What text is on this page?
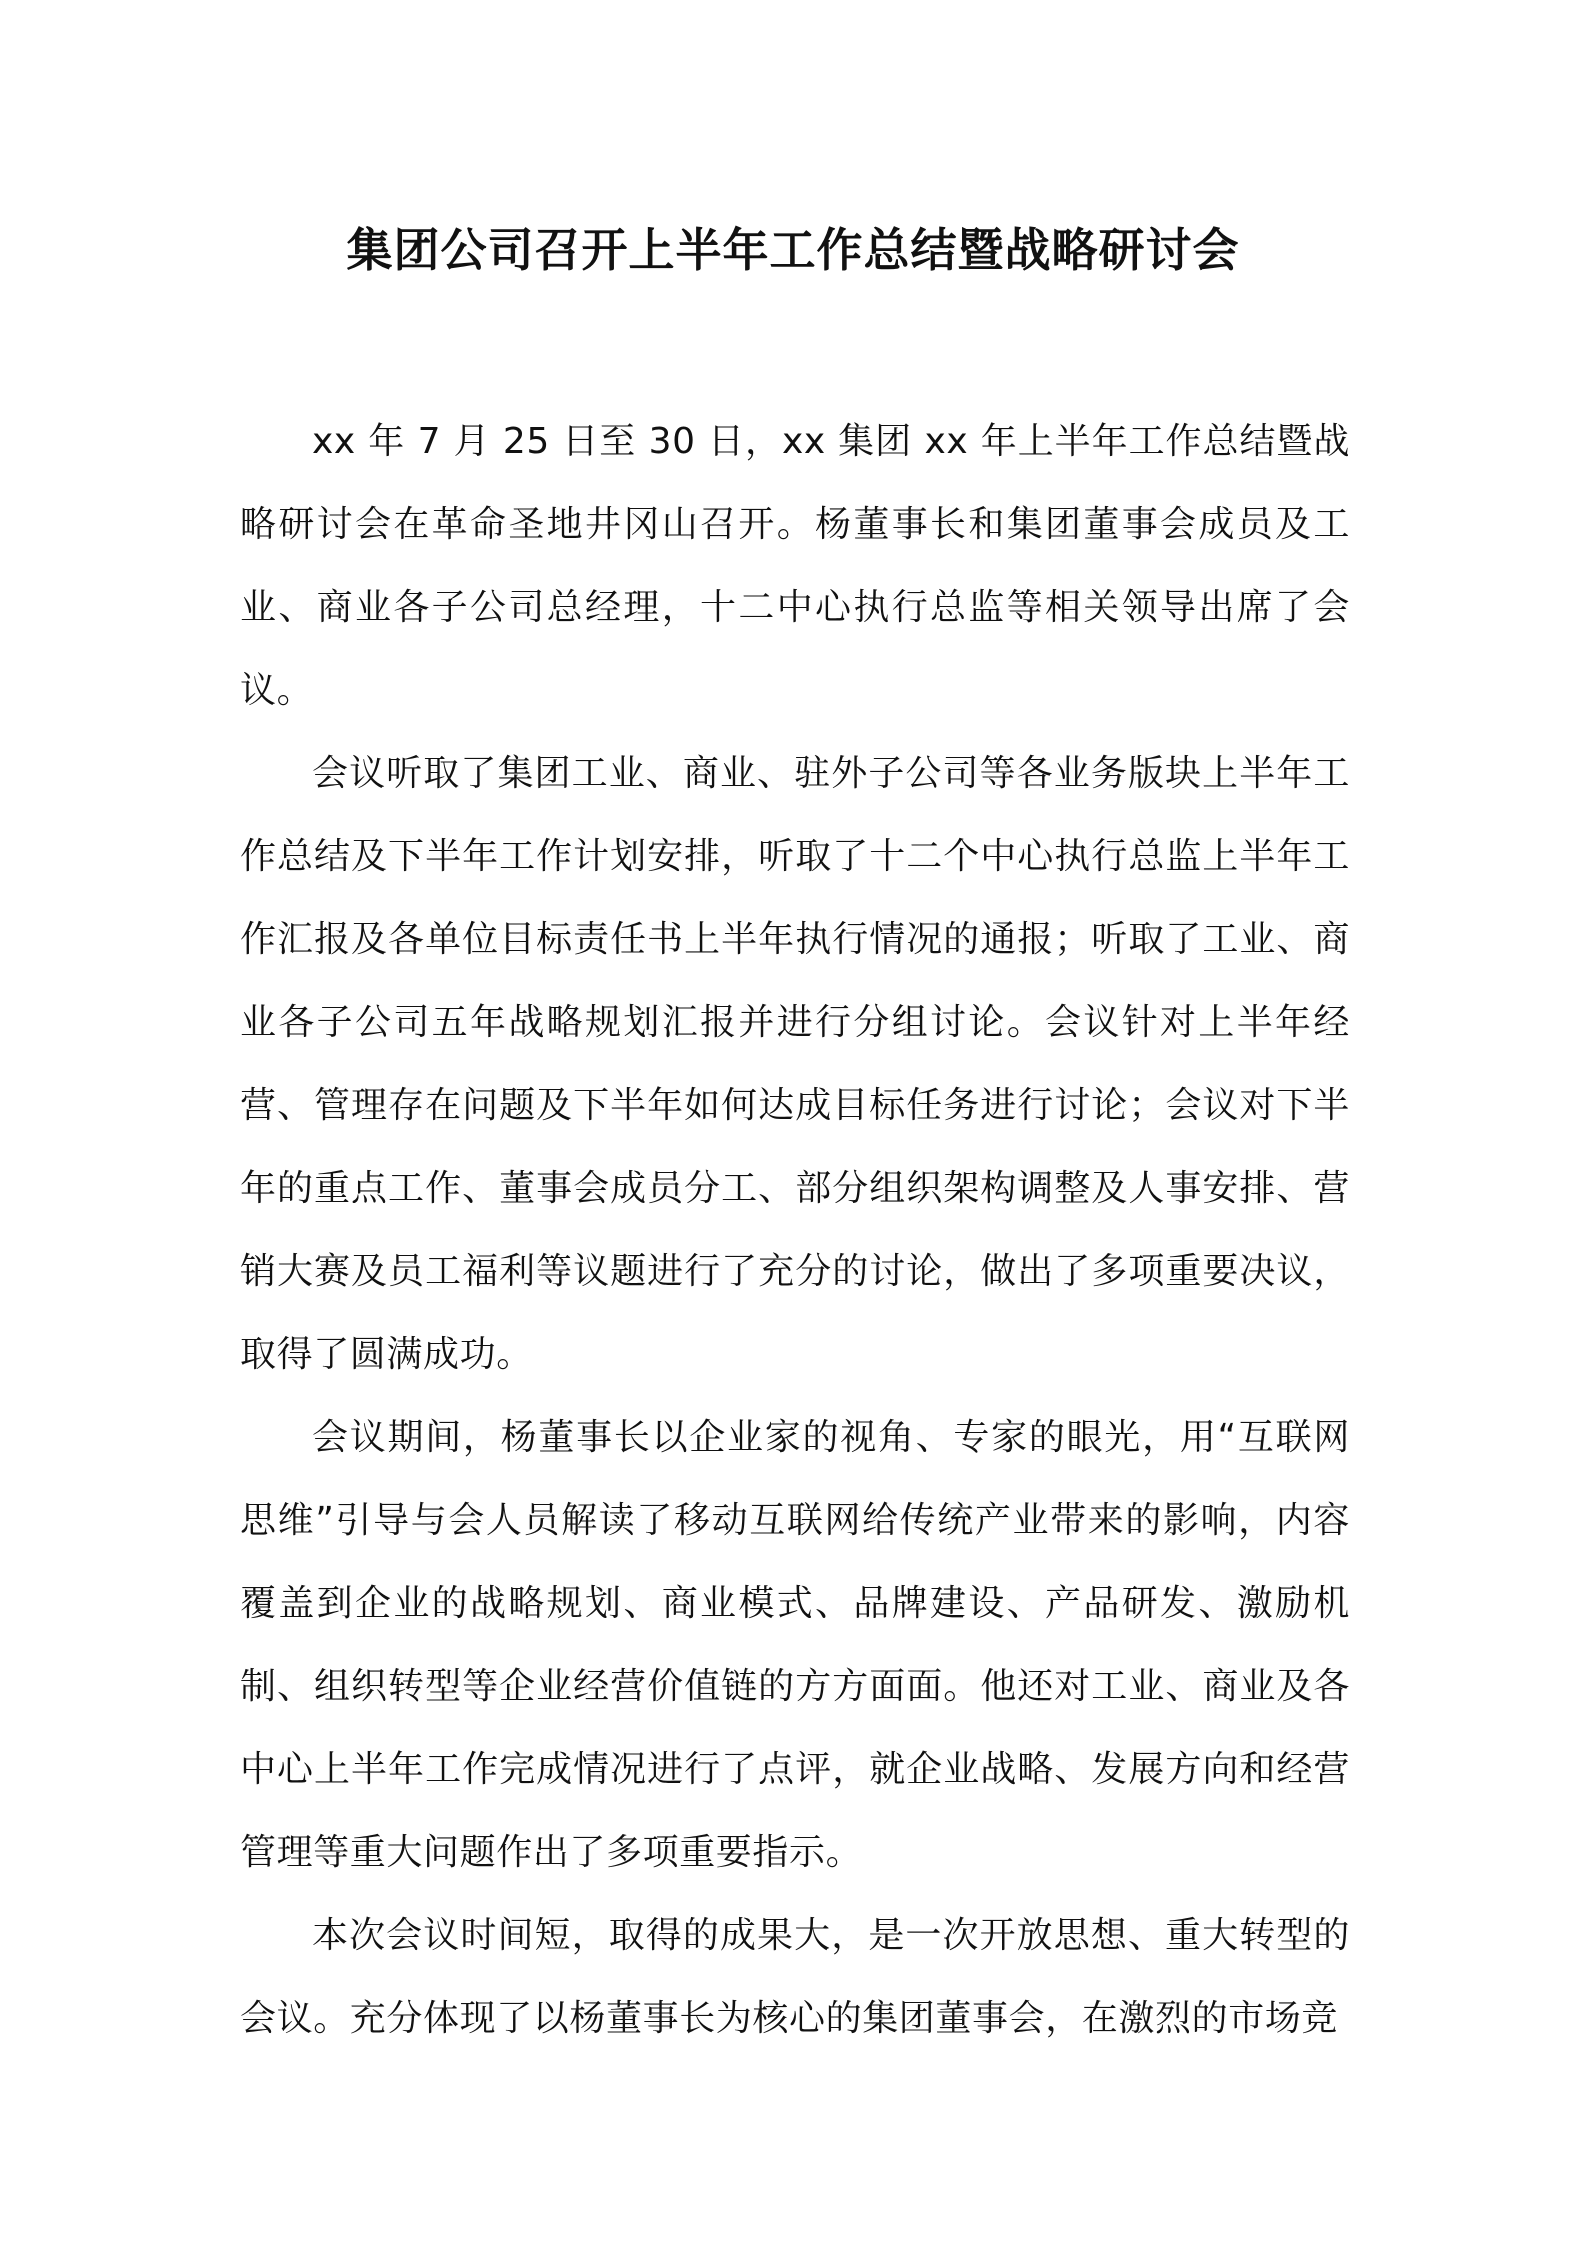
集团公司召开上半年工作总结暨战略研讨会

xx 年 7 月 25 日至 30 日，xx 集团 xx 年上半年工作总结暨战略研讨会在革命圣地井冈山召开。杨董事长和集团董事会成员及工业、商业各子公司总经理，十二中心执行总监等相关领导出席了会议。

会议听取了集团工业、商业、驻外子公司等各业务版块上半年工作总结及下半年工作计划安排，听取了十二个中心执行总监上半年工作汇报及各单位目标责任书上半年执行情况的通报；听取了工业、商业各子公司五年战略规划汇报并进行分组讨论。会议针对上半年经营、管理存在问题及下半年如何达成目标任务进行讨论；会议对下半年的重点工作、董事会成员分工、部分组织架构调整及人事安排、营销大赛及员工福利等议题进行了充分的讨论，做出了多项重要决议，取得了圆满成功。

会议期间，杨董事长以企业家的视角、专家的眼光，用“互联网思维”引导与会人员解读了移动互联网给传统产业带来的影响，内容覆盖到企业的战略规划、商业模式、品牌建设、产品研发、激励机制、组织转型等企业经营价值链的方方面面。他还对工业、商业及各中心上半年工作完成情况进行了点评，就企业战略、发展方向和经营管理等重大问题作出了多项重要指示。

本次会议时间短，取得的成果大，是一次开放思想、重大转型的会议。充分体现了以杨董事长为核心的集团董事会，在激烈的市场竞
